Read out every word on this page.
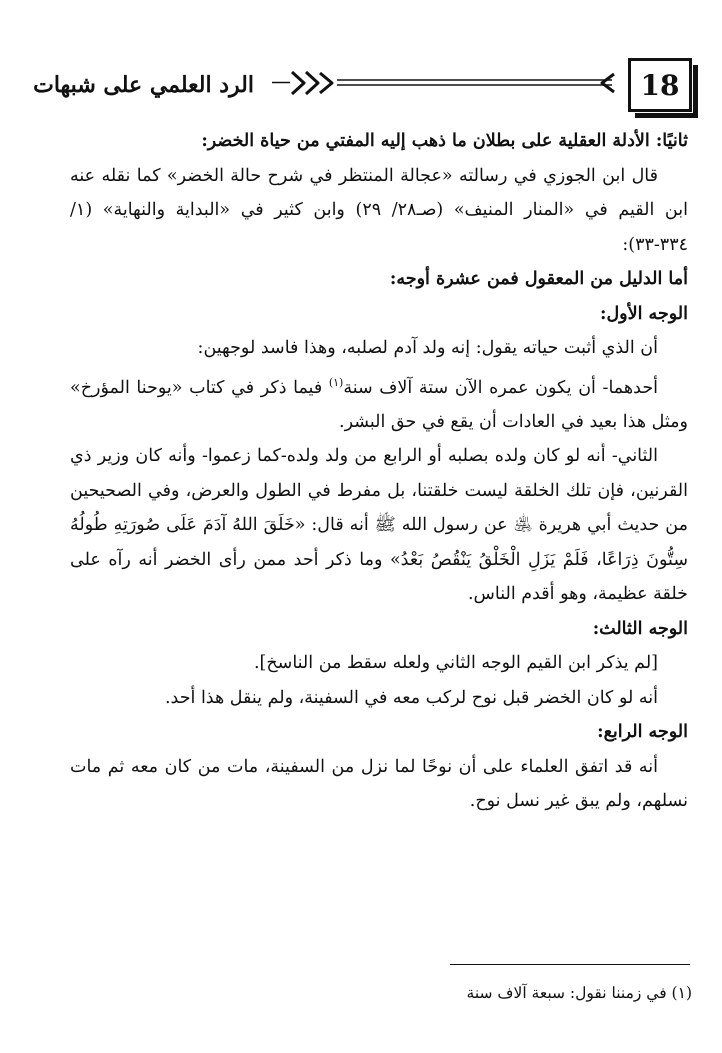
18
الرد العلمي على شبهات

ثانيًا: الأدلة العقلية على بطلان ما ذهب إليه المفتي من حياة الخضر:

قال ابن الجوزي في رسالته «عجالة المنتظر في شرح حالة الخضر» كما نقله عنه ابن القيم في «المنار المنيف» (صـ٢٨/ ٢٩) وابن كثير في «البداية والنهاية» (١/ ٣٣٤-٣٣):

أما الدليل من المعقول فمن عشرة أوجه:

الوجه الأول:

أن الذي أثبت حياته يقول: إنه ولد آدم لصلبه، وهذا فاسد لوجهين:

أحدهما- أن يكون عمره الآن ستة آلاف سنة$^{(١)}$ فيما ذكر في كتاب «يوحنا المؤرخ» ومثل هذا بعيد في العادات أن يقع في حق البشر.

الثاني- أنه لو كان ولده بصلبه أو الرابع من ولد ولده-كما زعموا- وأنه كان وزير ذي القرنين، فإن تلك الخلقة ليست خلقتنا، بل مفرط في الطول والعرض، وفي الصحيحين من حديث أبي هريرة ﵁ عن رسول الله ﷺ أنه قال: «خَلَقَ اللهُ آدَمَ عَلَى صُورَتِهِ طُولُهُ سِتُّونَ ذِرَاعًا، فَلَمْ يَزَلِ الْخَلْقُ يَنْقُصُ بَعْدُ» وما ذكر أحد ممن رأى الخضر أنه رآه على خلقة عظيمة، وهو أقدم الناس.

الوجه الثالث:

[لم يذكر ابن القيم الوجه الثاني ولعله سقط من الناسخ].

أنه لو كان الخضر قبل نوح لركب معه في السفينة، ولم ينقل هذا أحد.

الوجه الرابع:

أنه قد اتفق العلماء على أن نوحًا لما نزل من السفينة، مات من كان معه ثم مات نسلهم، ولم يبق غير نسل نوح.

(١) في زمننا نقول: سبعة آلاف سنة
